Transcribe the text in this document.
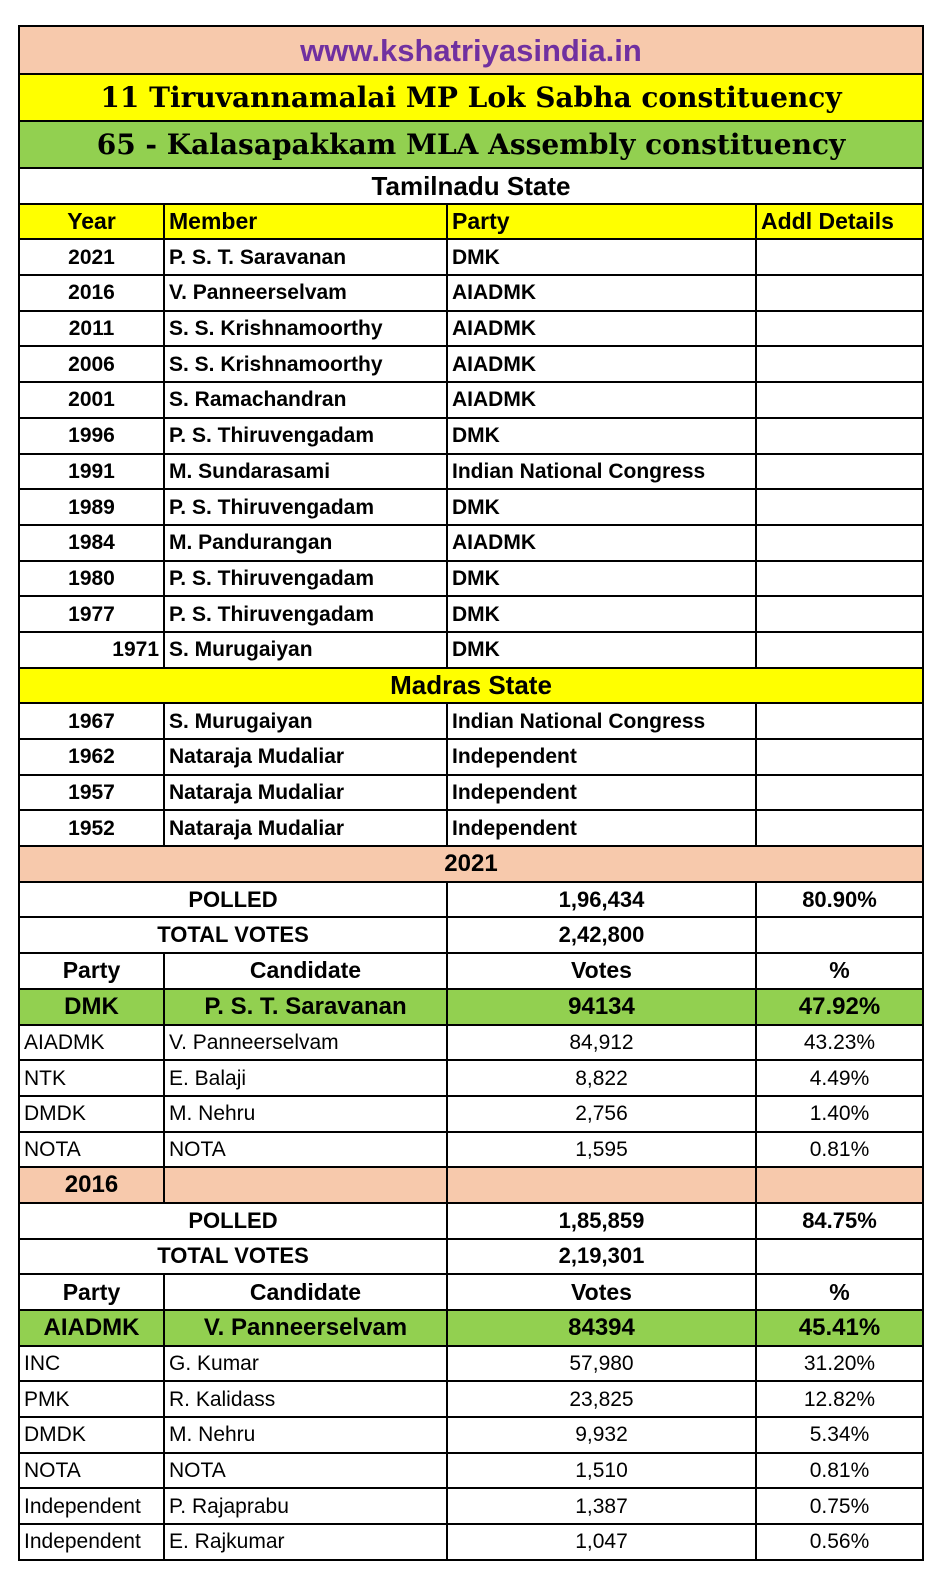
www.kshatriyasindia.in			
11 Tiruvannamalai MP Lok Sabha constituency			
65 - Kalasapakkam MLA Assembly constituency			
Tamilnadu State			
Year	Member	Party	Addl Details
2021	P. S. T. Saravanan	DMK	
2016	V. Panneerselvam	AIADMK	
2011	S. S. Krishnamoorthy	AIADMK	
2006	S. S. Krishnamoorthy	AIADMK	
2001	S. Ramachandran	AIADMK	
1996	P. S. Thiruvengadam	DMK	
1991	M. Sundarasami	Indian National Congress	
1989	P. S. Thiruvengadam	DMK	
1984	M. Pandurangan	AIADMK	
1980	P. S. Thiruvengadam	DMK	
1977	P. S. Thiruvengadam	DMK	
1971	S. Murugaiyan	DMK	
Madras State			
1967	S. Murugaiyan	Indian National Congress	
1962	Nataraja Mudaliar	Independent	
1957	Nataraja Mudaliar	Independent	
1952	Nataraja Mudaliar	Independent	
2021			
POLLED		1,96,434	80.90%
TOTAL VOTES		2,42,800	
Party	Candidate	Votes	%
DMK	P. S. T. Saravanan	94134	47.92%
AIADMK	V. Panneerselvam	84,912	43.23%
NTK	E. Balaji	8,822	4.49%
DMDK	M. Nehru	2,756	1.40%
NOTA	NOTA	1,595	0.81%
2016			
POLLED		1,85,859	84.75%
TOTAL VOTES		2,19,301	
Party	Candidate	Votes	%
AIADMK	V. Panneerselvam	84394	45.41%
INC	G. Kumar	57,980	31.20%
PMK	R. Kalidass	23,825	12.82%
DMDK	M. Nehru	9,932	5.34%
NOTA	NOTA	1,510	0.81%
Independent	P. Rajaprabu	1,387	0.75%
Independent	E. Rajkumar	1,047	0.56%
